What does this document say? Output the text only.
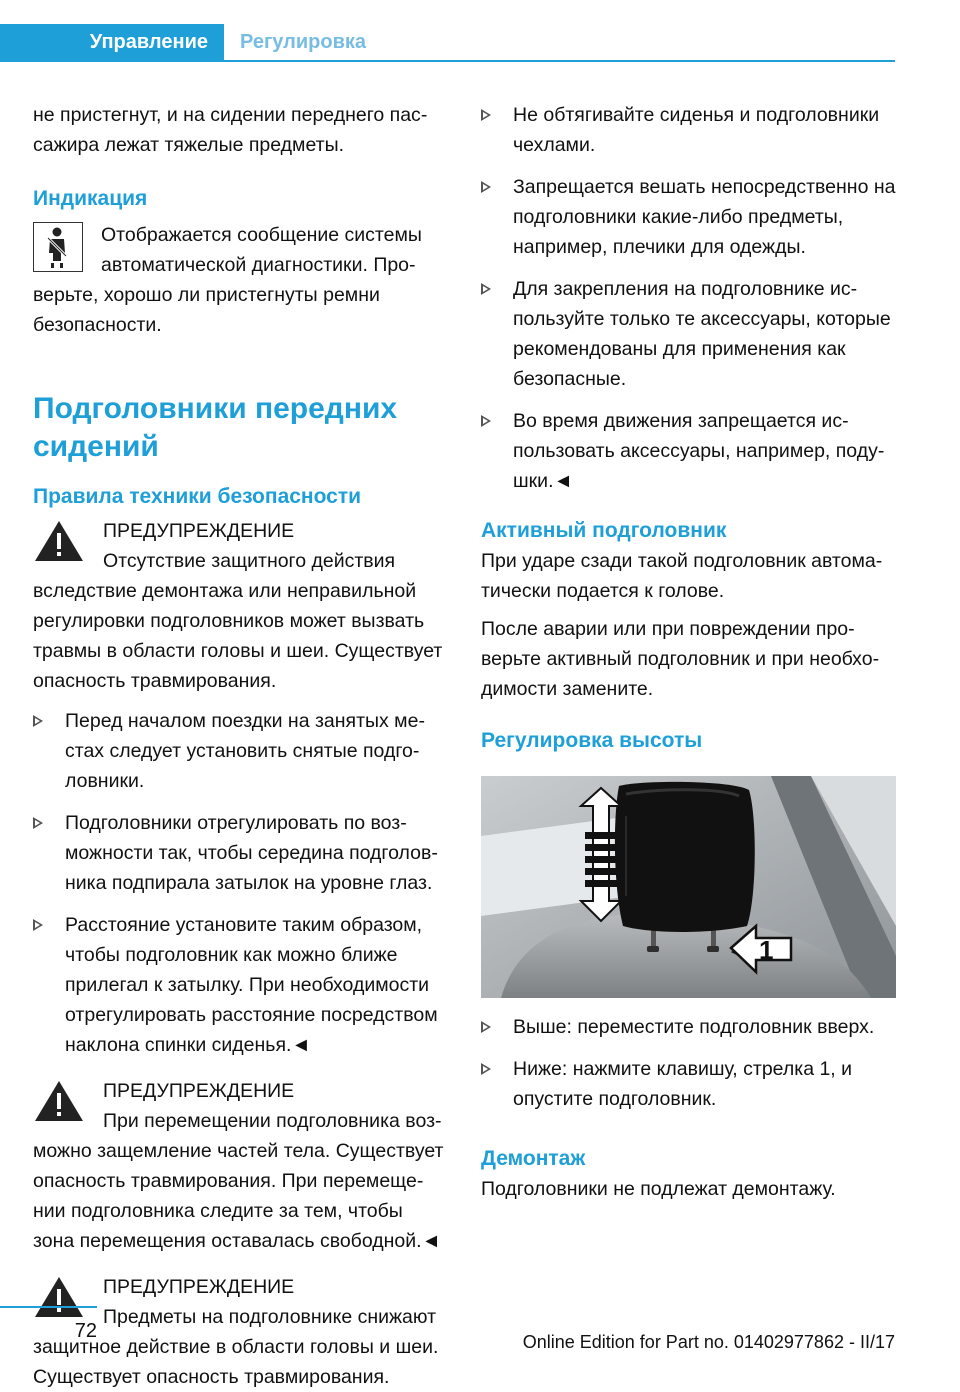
Управление	Регулировка

не пристегнут, и на сидении переднего пассажира лежат тяжелые предметы.

Индикация

Отображается сообщение системы автоматической диагностики. Проверьте, хорошо ли пристегнуты ремни безопасности.

Подголовники передних сидений
Правила техники безопасности

ПРЕДУПРЕЖДЕНИЕ

Отсутствие защитного действия вследствие демонтажа или неправильной регулировки подголовников может вызвать травмы в области головы и шеи. Существует опасность травмирования.

Перед началом поездки на занятых местах следует установить снятые подголовники.
Подголовники отрегулировать по возможности так, чтобы середина подголовника подпирала затылок на уровне глаз.
Расстояние установите таким образом, чтобы подголовник как можно ближе прилегал к затылку. При необходимости отрегулировать расстояние посредством наклона спинки сиденья.◄

ПРЕДУПРЕЖДЕНИЕ

При перемещении подголовника возможно защемление частей тела. Существует опасность травмирования. При перемещении подголовника следите за тем, чтобы зона перемещения оставалась свободной.◄

ПРЕДУПРЕЖДЕНИЕ

Предметы на подголовнике снижают защитное действие в области головы и шеи. Существует опасность травмирования.

Не обтягивайте сиденья и подголовники чехлами.
Запрещается вешать непосредственно на подголовники какие-либо предметы, например, плечики для одежды.
Для закрепления на подголовнике используйте только те аксессуары, которые рекомендованы для применения как безопасные.
Во время движения запрещается использовать аксессуары, например, подушки.◄
Активный подголовник

При ударе сзади такой подголовник автоматически подается к голове.

После аварии или при повреждении проверьте активный подголовник и при необходимости замените.

Регулировка высоты
1
Выше: переместите подголовник вверх.
Ниже: нажмите клавишу, стрелка 1, и опустите подголовник.
Демонтаж

Подголовники не подлежат демонтажу.

72	Online Edition for Part no. 01402977862 - II/17
